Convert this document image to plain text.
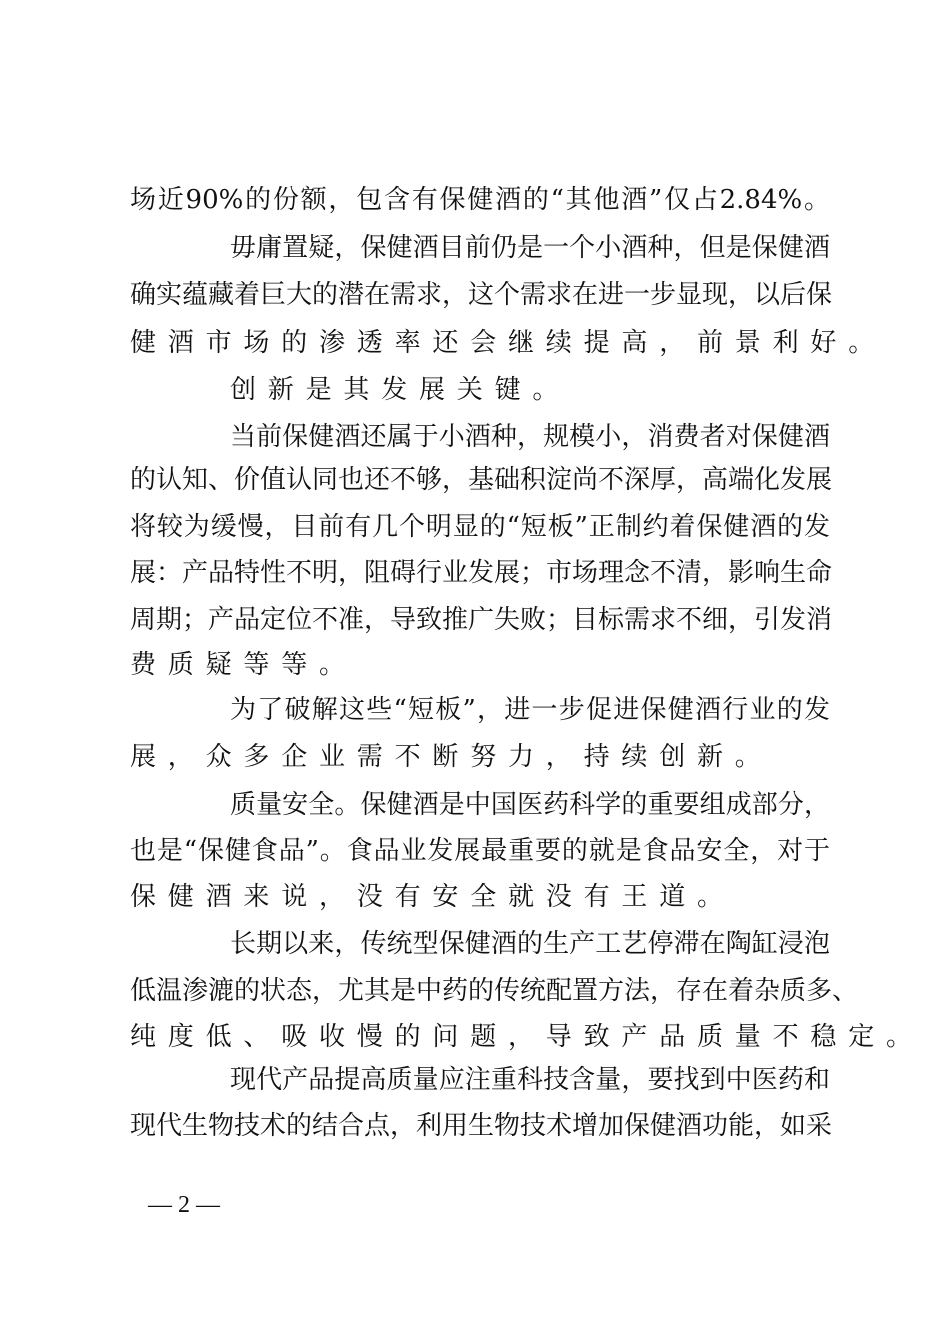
场近90%的份额，包含有保健酒的“其他酒”仅占2.84%。

毋庸置疑，保健酒目前仍是一个小酒种，但是保健酒

确实蕴藏着巨大的潜在需求，这个需求在进一步显现，以后保

健酒市场的渗透率还会继续提高，前景利好。

创新是其发展关键。

当前保健酒还属于小酒种，规模小，消费者对保健酒

的认知、价值认同也还不够，基础积淀尚不深厚，高端化发展

将较为缓慢，目前有几个明显的“短板”正制约着保健酒的发

展：产品特性不明，阻碍行业发展；市场理念不清，影响生命

周期；产品定位不准，导致推广失败；目标需求不细，引发消

费质疑等等。

为了破解这些“短板”，进一步促进保健酒行业的发

展，众多企业需不断努力，持续创新。

质量安全。保健酒是中国医药科学的重要组成部分，

也是“保健食品”。食品业发展最重要的就是食品安全，对于

保健酒来说，没有安全就没有王道。

长期以来，传统型保健酒的生产工艺停滞在陶缸浸泡

低温渗漉的状态，尤其是中药的传统配置方法，存在着杂质多、

纯度低、吸收慢的问题，导致产品质量不稳定。

现代产品提高质量应注重科技含量，要找到中医药和

现代生物技术的结合点，利用生物技术增加保健酒功能，如采

— 2 —
